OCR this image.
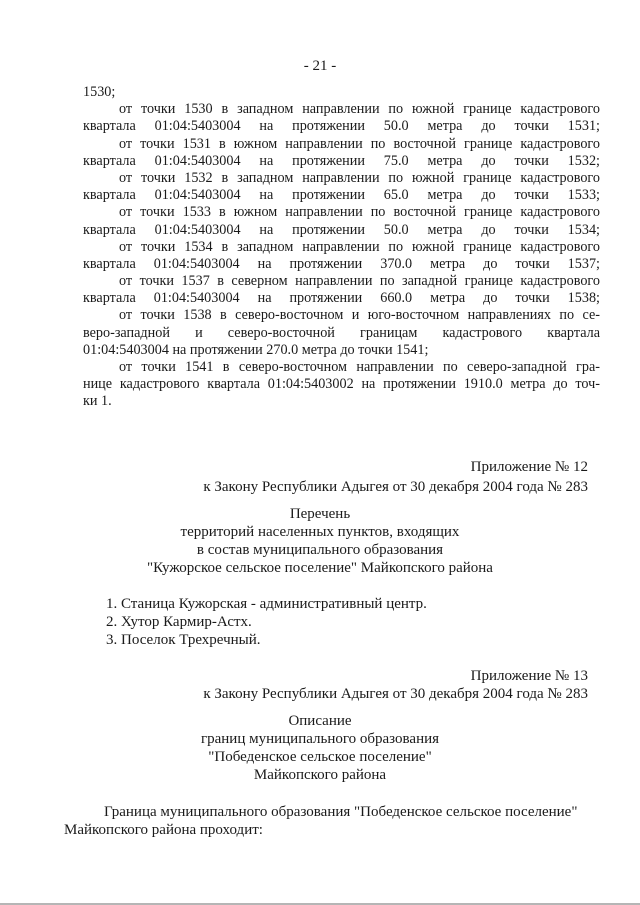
- 21 -
1530;
от точки 1530 в западном направлении по южной границе кадастрового
квартала 01:04:5403004 на протяжении 50.0 метра до точки 1531;
от точки 1531 в южном направлении по восточной границе кадастрового
квартала 01:04:5403004 на протяжении 75.0 метра до точки 1532;
от точки 1532 в западном направлении по южной границе кадастрового
квартала 01:04:5403004 на протяжении 65.0 метра до точки 1533;
от точки 1533 в южном направлении по восточной границе кадастрового
квартала 01:04:5403004 на протяжении 50.0 метра до точки 1534;
от точки 1534 в западном направлении по южной границе кадастрового
квартала 01:04:5403004 на протяжении 370.0 метра до точки 1537;
от точки 1537 в северном направлении по западной границе кадастрового
квартала 01:04:5403004 на протяжении 660.0 метра до точки 1538;
от точки 1538 в северо-восточном и юго-восточном направлениях по се-
веро-западной и северо-восточной границам кадастрового квартала
01:04:5403004 на протяжении 270.0 метра до точки 1541;
от точки 1541 в северо-восточном направлении по северо-западной гра-
нице кадастрового квартала 01:04:5403002 на протяжении 1910.0 метра до точ-
ки 1.
Приложение № 12
к Закону Республики Адыгея от 30 декабря 2004 года № 283
Перечень
территорий населенных пунктов, входящих
в состав муниципального образования
"Кужорское сельское поселение" Майкопского района
1. Станица Кужорская - административный центр.
2. Хутор Кармир-Астх.
3. Поселок Трехречный.
Приложение № 13
к Закону Республики Адыгея от 30 декабря 2004 года № 283
Описание
границ муниципального образования
"Победенское сельское поселение"
Майкопского района
Граница муниципального образования "Победенское сельское поселение"
Майкопского района проходит:
